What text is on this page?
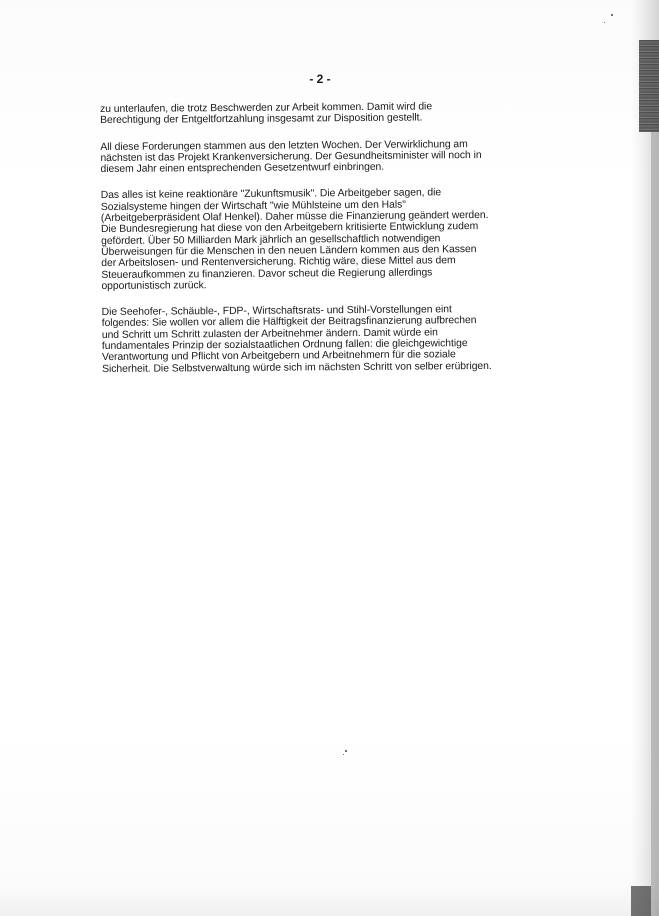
- 2 -
zu unterlaufen, die trotz Beschwerden zur Arbeit kommen. Damit wird die
Berechtigung der Entgeltfortzahlung insgesamt zur Disposition gestellt.
All diese Forderungen stammen aus den letzten Wochen. Der Verwirklichung am
nächsten ist das Projekt Krankenversicherung. Der Gesundheitsminister will noch in
diesem Jahr einen entsprechenden Gesetzentwurf einbringen.
Das alles ist keine reaktionäre "Zukunftsmusik". Die Arbeitgeber sagen, die
Sozialsysteme hingen der Wirtschaft "wie Mühlsteine um den Hals"
(Arbeitgeberpräsident Olaf Henkel). Daher müsse die Finanzierung geändert werden.
Die Bundesregierung hat diese von den Arbeitgebern kritisierte Entwicklung zudem
gefördert. Über 50 Milliarden Mark jährlich an gesellschaftlich notwendigen
Überweisungen für die Menschen in den neuen Ländern kommen aus den Kassen
der Arbeitslosen- und Rentenversicherung. Richtig wäre, diese Mittel aus dem
Steueraufkommen zu finanzieren. Davor scheut die Regierung allerdings
opportunistisch zurück.
Die Seehofer-, Schäuble-, FDP-, Wirtschaftsrats- und Stihl-Vorstellungen eint
folgendes: Sie wollen vor allem die Hälftigkeit der Beitragsfinanzierung aufbrechen
und Schritt um Schritt zulasten der Arbeitnehmer ändern. Damit würde ein
fundamentales Prinzip der sozialstaatlichen Ordnung fallen: die gleichgewichtige
Verantwortung und Pflicht von Arbeitgebern und Arbeitnehmern für die soziale
Sicherheit. Die Selbstverwaltung würde sich im nächsten Schritt von selber erübrigen.
